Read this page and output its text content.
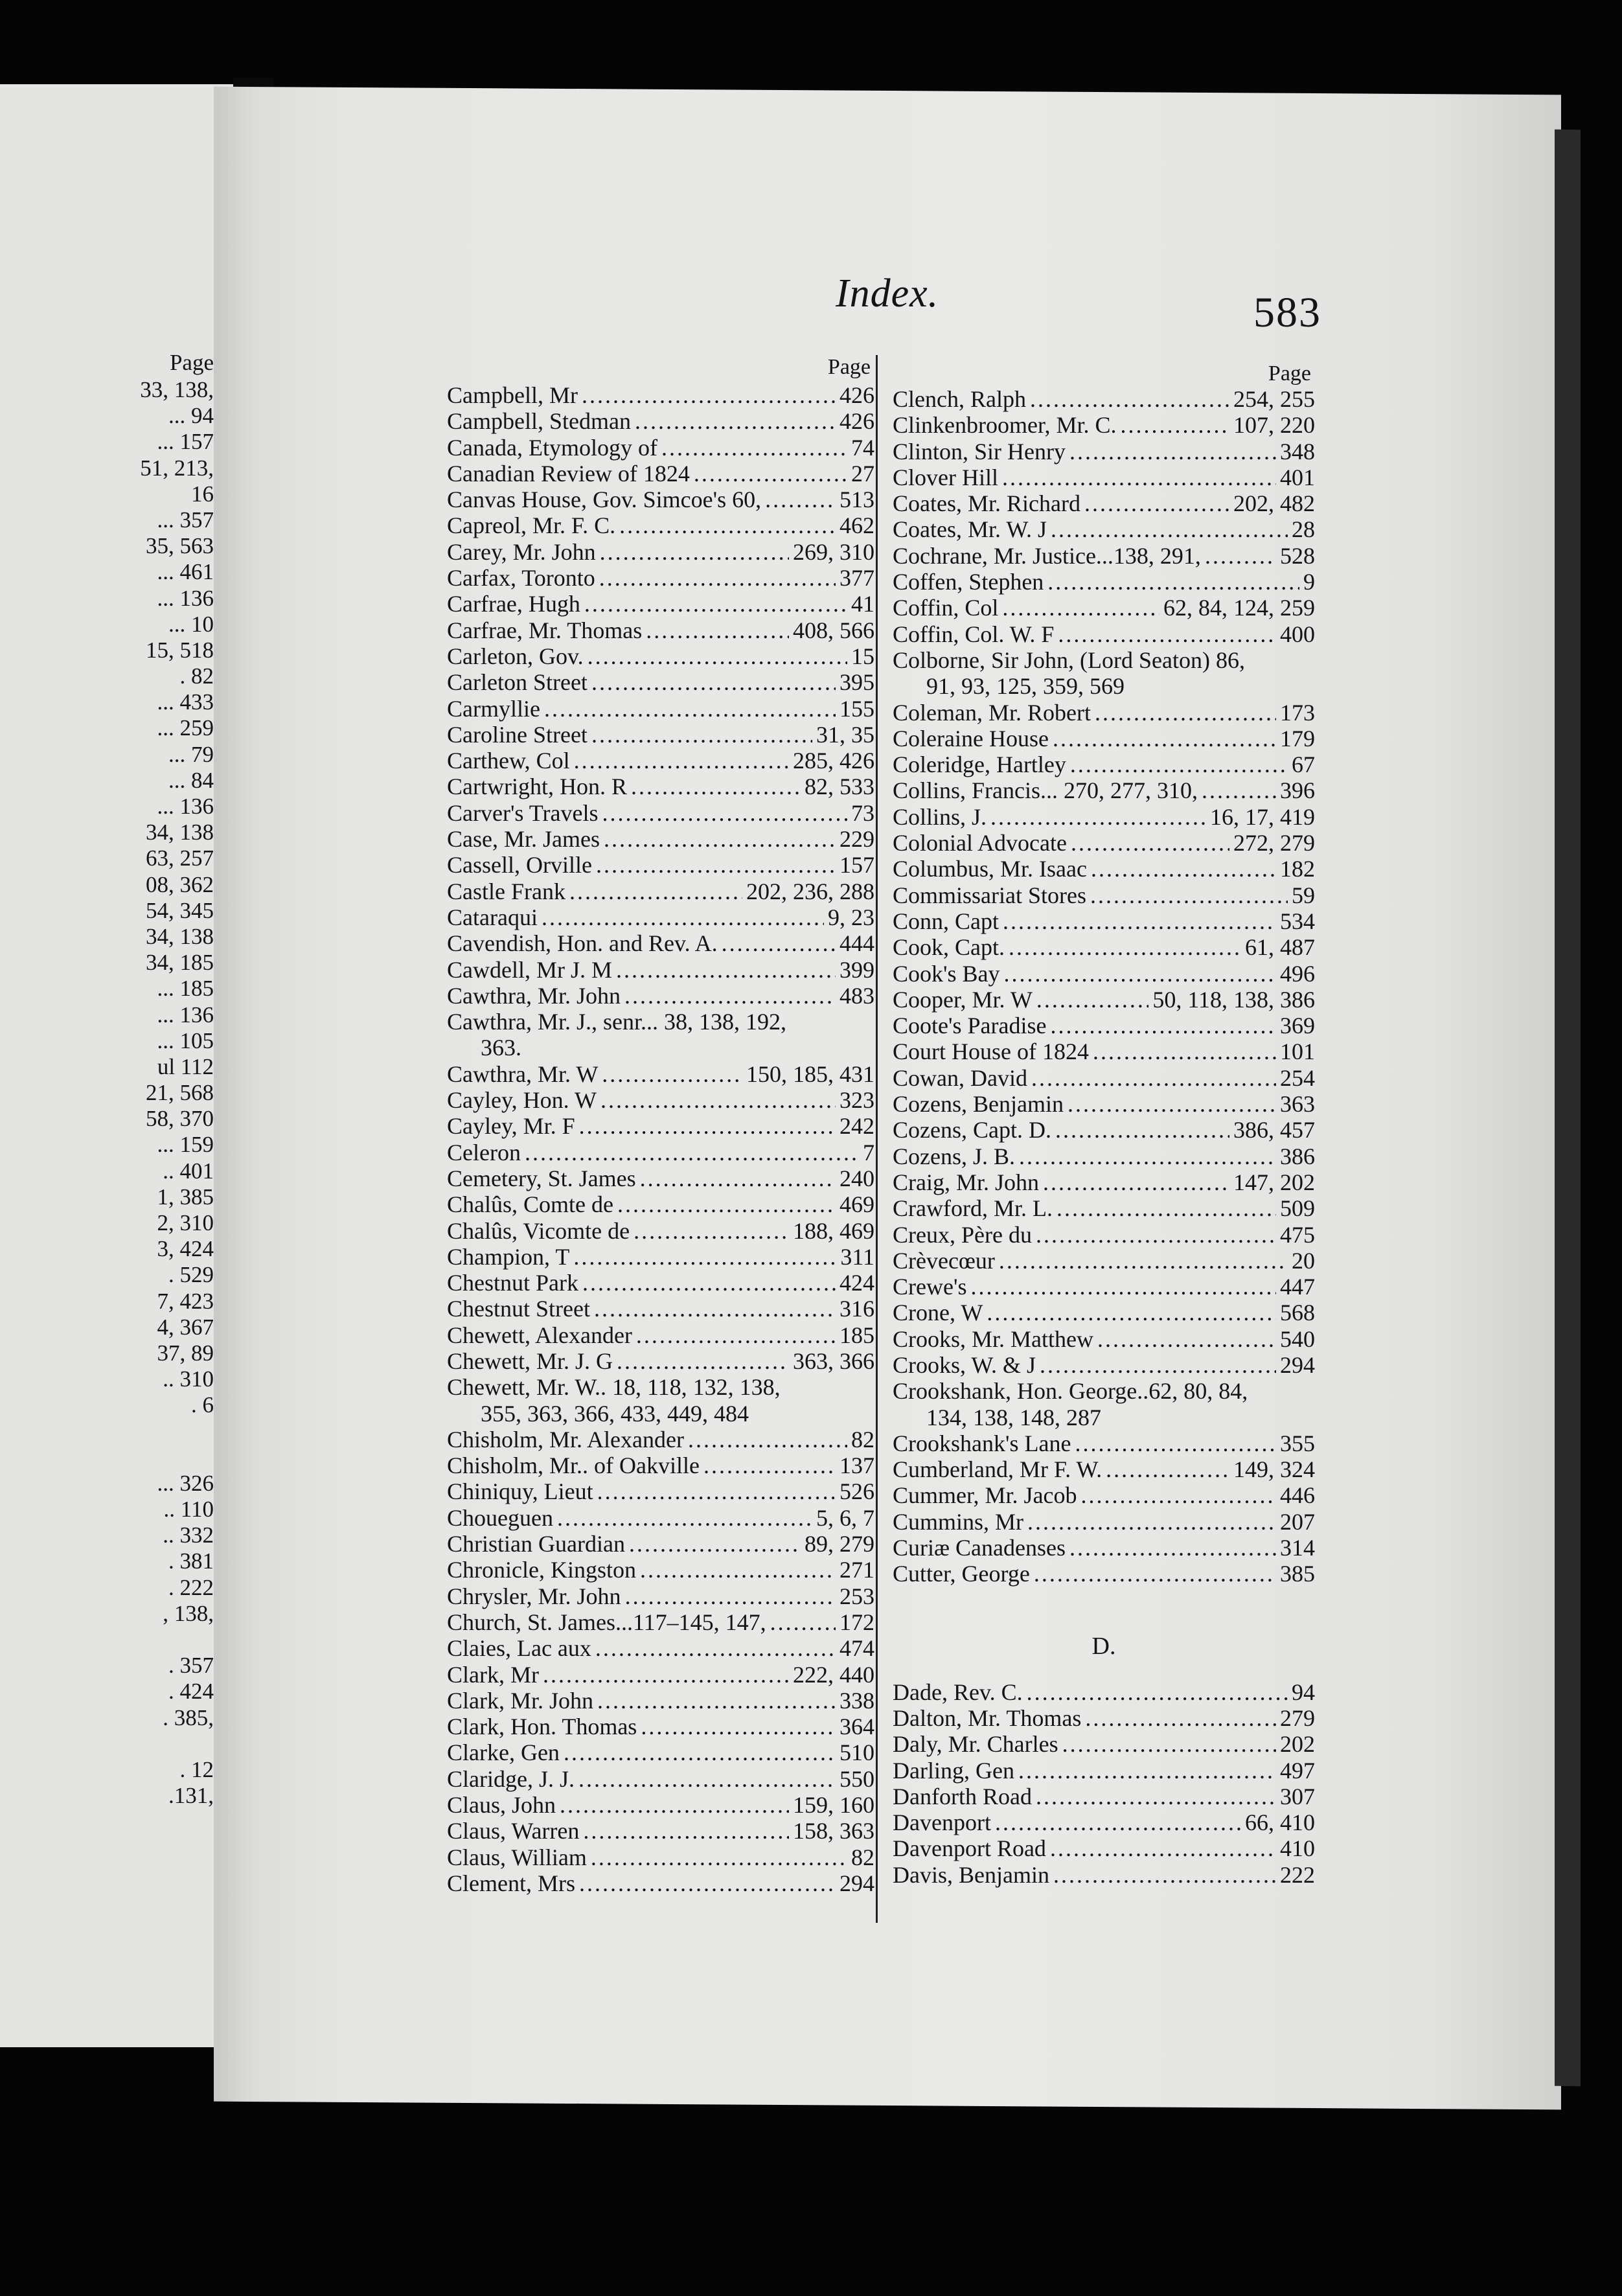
Page
33, 138,
... 94
... 157
51, 213,
16
... 357
35, 563
... 461
... 136
... 10
15, 518
. 82
... 433
... 259
... 79
... 84
... 136
34, 138
63, 257
08, 362
54, 345
34, 138
34, 185
... 185
... 136
... 105
ul 112
21, 568
58, 370
... 159
.. 401
1, 385
2, 310
3, 424
. 529
7, 423
4, 367
37, 89
.. 310
. 6
... 326
.. 110
.. 332
. 381
. 222
, 138,
. 357
. 424
. 385,
. 12
.131,
Index.	583
Page
Campbell, Mr .....	426
Campbell, Stedman .....	426
Canada, Etymology of .....	74
Canadian Review of 1824 .....	27
Canvas House, Gov. Simcoe's 60, .....	513
Capreol, Mr. F. C. .....	462
Carey, Mr. John .....	269, 310
Carfax, Toronto .....	377
Carfrae, Hugh .....	41
Carfrae, Mr. Thomas .....	408, 566
Carleton, Gov. .....	15
Carleton Street .....	395
Carmyllie .....	155
Caroline Street .....	31, 35
Carthew, Col .....	285, 426
Cartwright, Hon. R .....	82, 533
Carver's Travels .....	73
Case, Mr. James .....	229
Cassell, Orville .....	157
Castle Frank .....	202, 236, 288
Cataraqui .....	9, 23
Cavendish, Hon. and Rev. A. .....	444
Cawdell, Mr J. M .....	399
Cawthra, Mr. John .....	483
Cawthra, Mr. J., senr... 38, 138, 192,
363.
Cawthra, Mr. W .....	150, 185, 431
Cayley, Hon. W .....	323
Cayley, Mr. F .....	242
Celeron .....	7
Cemetery, St. James .....	240
Chalûs, Comte de .....	469
Chalûs, Vicomte de .....	188, 469
Champion, T .....	311
Chestnut Park .....	424
Chestnut Street .....	316
Chewett, Alexander .....	185
Chewett, Mr. J. G .....	363, 366
Chewett, Mr. W.. 18, 118, 132, 138,
355, 363, 366, 433, 449, 484
Chisholm, Mr. Alexander .....	82
Chisholm, Mr.. of Oakville .....	137
Chiniquy, Lieut .....	526
Choueguen .....	5, 6, 7
Christian Guardian .....	89, 279
Chronicle, Kingston .....	271
Chrysler, Mr. John .....	253
Church, St. James...117–145, 147, .....	172
Claies, Lac aux .....	474
Clark, Mr .....	222, 440
Clark, Mr. John .....	338
Clark, Hon. Thomas .....	364
Clarke, Gen .....	510
Claridge, J. J. .....	550
Claus, John .....	159, 160
Claus, Warren .....	158, 363
Claus, William .....	82
Clement, Mrs .....	294
Page
Clench, Ralph .....	254, 255
Clinkenbroomer, Mr. C. .....	107, 220
Clinton, Sir Henry .....	348
Clover Hill .....	401
Coates, Mr. Richard .....	202, 482
Coates, Mr. W. J .....	28
Cochrane, Mr. Justice...138, 291, .....	528
Coffen, Stephen .....	9
Coffin, Col .....	62, 84, 124, 259
Coffin, Col. W. F .....	400
Colborne, Sir John, (Lord Seaton) 86,
91, 93, 125, 359, 569
Coleman, Mr. Robert .....	173
Coleraine House .....	179
Coleridge, Hartley .....	67
Collins, Francis... 270, 277, 310, .....	396
Collins, J. .....	16, 17, 419
Colonial Advocate .....	272, 279
Columbus, Mr. Isaac .....	182
Commissariat Stores .....	59
Conn, Capt .....	534
Cook, Capt. .....	61, 487
Cook's Bay .....	496
Cooper, Mr. W .....	50, 118, 138, 386
Coote's Paradise .....	369
Court House of 1824 .....	101
Cowan, David .....	254
Cozens, Benjamin .....	363
Cozens, Capt. D. .....	386, 457
Cozens, J. B. .....	386
Craig, Mr. John .....	147, 202
Crawford, Mr. L. .....	509
Creux, Père du .....	475
Crèvecœur .....	20
Crewe's .....	447
Crone, W .....	568
Crooks, Mr. Matthew .....	540
Crooks, W. & J .....	294
Crookshank, Hon. George..62, 80, 84,
134, 138, 148, 287
Crookshank's Lane .....	355
Cumberland, Mr F. W. .....	149, 324
Cummer, Mr. Jacob .....	446
Cummins, Mr .....	207
Curiæ Canadenses .....	314
Cutter, George .....	385
D.
Dade, Rev. C. .....	94
Dalton, Mr. Thomas .....	279
Daly, Mr. Charles .....	202
Darling, Gen .....	497
Danforth Road .....	307
Davenport .....	66, 410
Davenport Road .....	410
Davis, Benjamin .....	222
